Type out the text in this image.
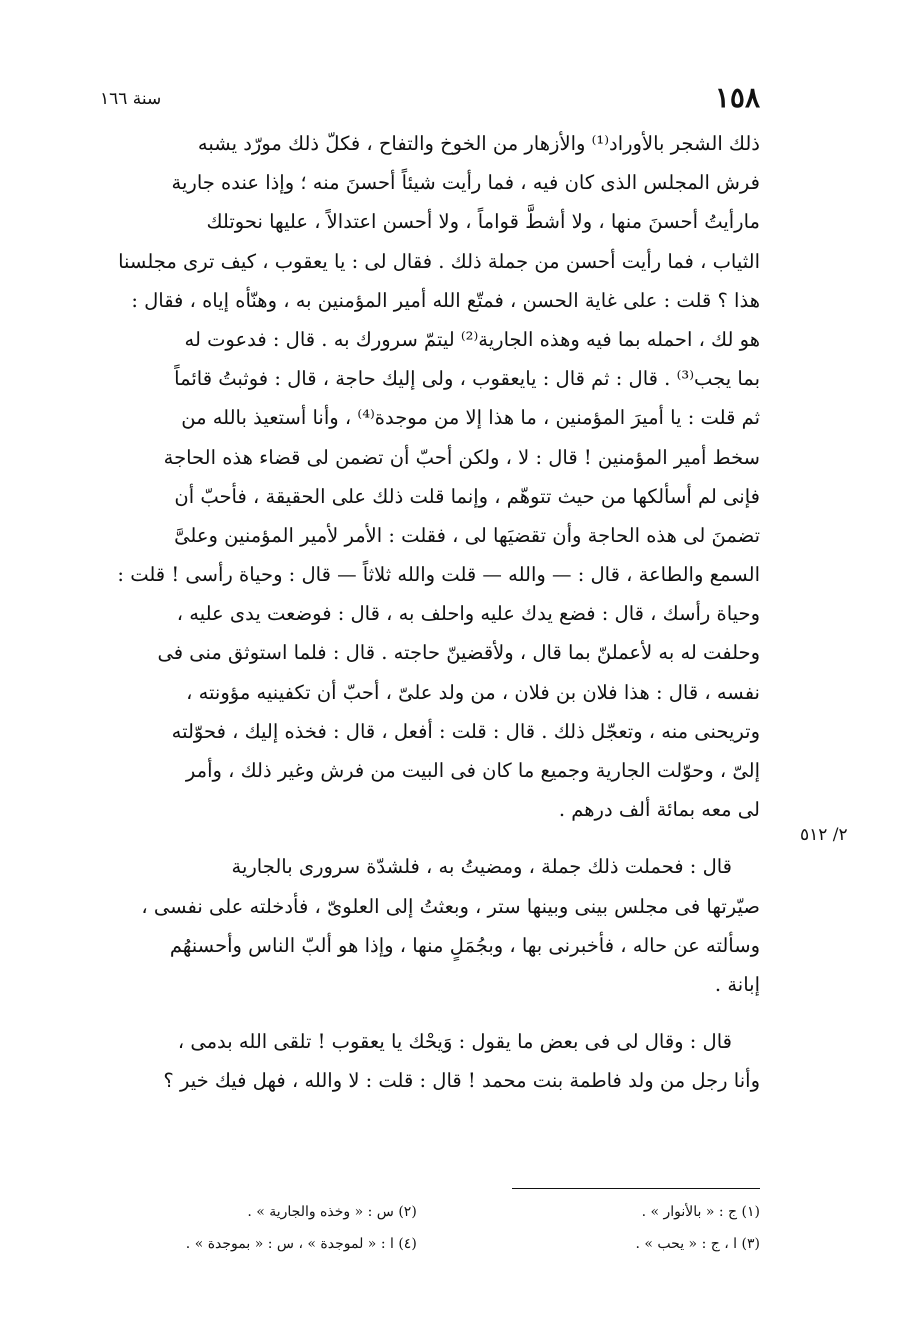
١٥٨
سنة ١٦٦
ذلك الشجر بالأوراد⁽¹⁾ والأزهار من الخوخ والتفاح ، فكلّ ذلك مورّد يشبه
فرش المجلس الذى كان فيه ، فما رأيت شيئاً أحسنَ منه ؛ وإذا عنده جارية
مارأيتُ أحسنَ منها ، ولا أشطَّ قواماً ، ولا أحسن اعتدالاً ، عليها نحوتلك
الثياب ، فما رأيت أحسن من جملة ذلك . فقال لى : يا يعقوب ، كيف ترى مجلسنا
هذا ؟ قلت : على غاية الحسن ، فمتّع الله أمير المؤمنين به ، وهنّأه إياه ، فقال :
هو لك ، احمله بما فيه وهذه الجارية⁽²⁾ ليتمّ سرورك به . قال : فدعوت له
بما يجب⁽³⁾ . قال : ثم قال : يايعقوب ، ولى إليك حاجة ، قال : فوثبتُ قائماً
ثم قلت : يا أميرَ المؤمنين ، ما هذا إلا من موجدة⁽⁴⁾ ، وأنا أستعيذ بالله من
سخط أمير المؤمنين ! قال : لا ، ولكن أحبّ أن تضمن لى قضاء هذه الحاجة
فإنى لم أسألكها من حيث تتوهّم ، وإنما قلت ذلك على الحقيقة ، فأحبّ أن
تضمنَ لى هذه الحاجة وأن تقضيَها لى ، فقلت : الأمر لأمير المؤمنين وعلىَّ
السمع والطاعة ، قال : — والله — قلت والله ثلاثاً — قال : وحياة رأسى ! قلت :
وحياة رأسك ، قال : فضع يدك عليه واحلف به ، قال : فوضعت يدى عليه ،
وحلفت له به لأعملنّ بما قال ، ولأقضينّ حاجته . قال : فلما استوثق منى فى
نفسه ، قال : هذا فلان بن فلان ، من ولد علىّ ، أحبّ أن تكفينيه مؤونته ،
وتريحنى منه ، وتعجّل ذلك . قال : قلت : أفعل ، قال : فخذه إليك ، فحوّلته
إلىّ ، وحوّلت الجارية وجميع ما كان فى البيت من فرش وغير ذلك ، وأمر
لى معه بمائة ألف درهم .
قال : فحملت ذلك جملة ، ومضيتُ به ، فلشدّة سرورى بالجارية
صيّرتها فى مجلس بينى وبينها ستر ، وبعثتُ إلى العلوىّ ، فأدخلته على نفسى ،
وسألته عن حاله ، فأخبرنى بها ، وبجُمَلٍ منها ، وإذا هو ألبّ الناس وأحسنهُم
إبانة .
قال : وقال لى فى بعض ما يقول : وَيحْك يا يعقوب ! تلقى الله بدمى ،
وأنا رجل من ولد فاطمة بنت محمد ! قال : قلت : لا والله ، فهل فيك خير ؟
٢/ ٥١٢
(١) ج : « بالأنوار » .
(٢) س : « وخذه والجارية » .
(٣) ا ، ج : « يحب » .
(٤) ا : « لموجدة » ، س : « بموجدة » .
